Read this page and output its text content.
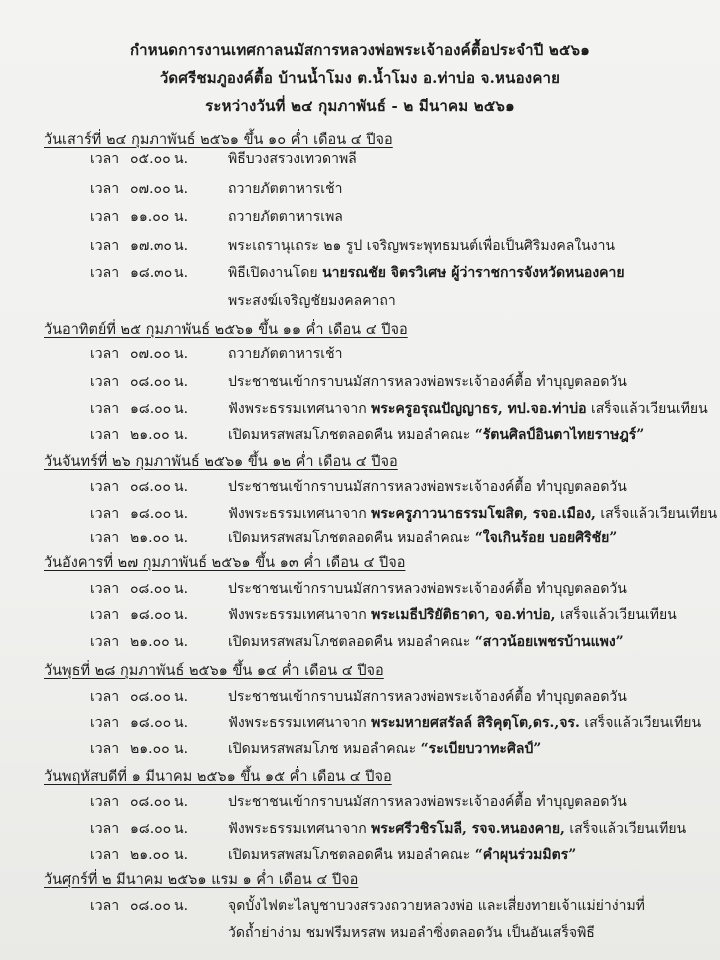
กำหนดการงานเทศกาลนมัสการหลวงพ่อพระเจ้าองค์ตื้อประจำปี ๒๕๖๑
วัดศรีชมภูองค์ตื้อ บ้านน้ำโมง ต.น้ำโมง อ.ท่าบ่อ จ.หนองคาย
ระหว่างวันที่ ๒๔ กุมภาพันธ์ - ๒ มีนาคม ๒๕๖๑
วันเสาร์ที่ ๒๔ กุมภาพันธ์ ๒๕๖๑ ขึ้น ๑๐ ค่ำ เดือน ๔ ปีจอ
เวลา ๐๕.๐๐ น.	พิธีบวงสรวงเทวดาพลี
เวลา ๐๗.๐๐ น.	ถวายภัตตาหารเช้า
เวลา ๑๑.๐๐ น.	ถวายภัตตาหารเพล
เวลา ๑๗.๓๐ น.	พระเถรานุเถระ ๒๑ รูป เจริญพระพุทธมนต์เพื่อเป็นศิริมงคลในงาน
เวลา ๑๘.๓๐ น.	พิธีเปิดงานโดย นายรณชัย จิตรวิเศษ ผู้ว่าราชการจังหวัดหนองคาย
พระสงฆ์เจริญชัยมงคลคาถา
วันอาทิตย์ที่ ๒๕ กุมภาพันธ์ ๒๕๖๑ ขึ้น ๑๑ ค่ำ เดือน ๔ ปีจอ
เวลา ๐๗.๐๐ น.	ถวายภัตตาหารเช้า
เวลา ๐๘.๐๐ น.	ประชาชนเข้ากราบนมัสการหลวงพ่อพระเจ้าองค์ตื้อ ทำบุญตลอดวัน
เวลา ๑๘.๐๐ น.	ฟังพระธรรมเทศนาจาก พระครูอรุณปัญญาธร, ทป.จอ.ท่าบ่อ เสร็จแล้วเวียนเทียน
เวลา ๒๑.๐๐ น.	เปิดมหรสพสมโภชตลอดคืน หมอลำคณะ “รัตนศิลป์อินตาไทยราษฎร์”
วันจันทร์ที่ ๒๖ กุมภาพันธ์ ๒๕๖๑ ขึ้น ๑๒ ค่ำ เดือน ๔ ปีจอ
เวลา ๐๘.๐๐ น.	ประชาชนเข้ากราบนมัสการหลวงพ่อพระเจ้าองค์ตื้อ ทำบุญตลอดวัน
เวลา ๑๘.๐๐ น.	ฟังพระธรรมเทศนาจาก พระครูภาวนาธรรมโฆสิต, รจอ.เมือง, เสร็จแล้วเวียนเทียน
เวลา ๒๑.๐๐ น.	เปิดมหรสพสมโภชตลอดคืน หมอลำคณะ “ใจเกินร้อย บอยศิริชัย”
วันอังคารที่ ๒๗ กุมภาพันธ์ ๒๕๖๑ ขึ้น ๑๓ ค่ำ เดือน ๔ ปีจอ
เวลา ๐๘.๐๐ น.	ประชาชนเข้ากราบนมัสการหลวงพ่อพระเจ้าองค์ตื้อ ทำบุญตลอดวัน
เวลา ๑๘.๐๐ น.	ฟังพระธรรมเทศนาจาก พระเมธีปริยัติธาดา, จอ.ท่าบ่อ, เสร็จแล้วเวียนเทียน
เวลา ๒๑.๐๐ น.	เปิดมหรสพสมโภชตลอดคืน หมอลำคณะ “สาวน้อยเพชรบ้านแพง”
วันพุธที่ ๒๘ กุมภาพันธ์ ๒๕๖๑ ขึ้น ๑๔ ค่ำ เดือน ๔ ปีจอ
เวลา ๐๘.๐๐ น.	ประชาชนเข้ากราบนมัสการหลวงพ่อพระเจ้าองค์ตื้อ ทำบุญตลอดวัน
เวลา ๑๘.๐๐ น.	ฟังพระธรรมเทศนาจาก พระมหายศสรัลล์ สิริคุตฺโต,ดร.,จร. เสร็จแล้วเวียนเทียน
เวลา ๒๑.๐๐ น.	เปิดมหรสพสมโภช หมอลำคณะ “ระเบียบวาทะศิลป์”
วันพฤหัสบดีที่ ๑ มีนาคม ๒๕๖๑ ขึ้น ๑๕ ค่ำ เดือน ๔ ปีจอ
เวลา ๐๘.๐๐ น.	ประชาชนเข้ากราบนมัสการหลวงพ่อพระเจ้าองค์ตื้อ ทำบุญตลอดวัน
เวลา ๑๘.๐๐ น.	ฟังพระธรรมเทศนาจาก พระศรีวชิรโมลี, รจจ.หนองคาย, เสร็จแล้วเวียนเทียน
เวลา ๒๑.๐๐ น.	เปิดมหรสพสมโภชตลอดคืน หมอลำคณะ “คำผุนร่วมมิตร”
วันศุกร์ที่ ๒ มีนาคม ๒๕๖๑ แรม ๑ ค่ำ เดือน ๔ ปีจอ
เวลา ๐๘.๐๐ น.	จุดบั้งไฟตะไลบูชาบวงสรวงถวายหลวงพ่อ และเสี่ยงทายเจ้าแม่ย่าง่ามที่
วัดถ้ำย่าง่าม ชมฟรีมหรสพ หมอลำซิ่งตลอดวัน เป็นอันเสร็จพิธี
